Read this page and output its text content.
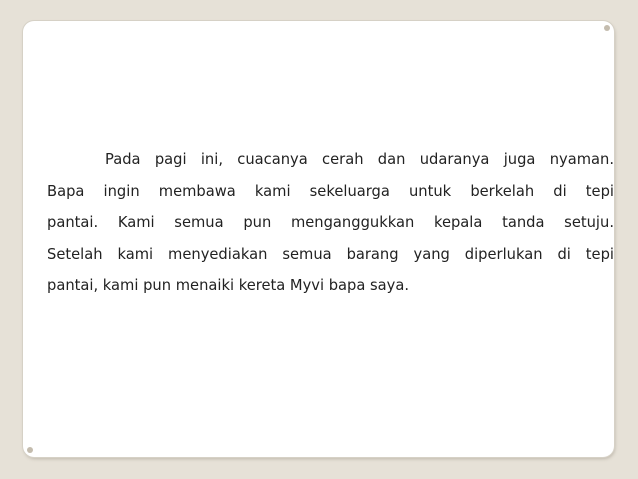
Pada pagi ini, cuacanya cerah dan udaranya juga nyaman.
Bapa ingin membawa kami sekeluarga untuk berkelah di tepi
pantai. Kami semua pun menganggukkan kepala tanda setuju.
Setelah kami menyediakan semua barang yang diperlukan di tepi
pantai, kami pun menaiki kereta Myvi bapa saya.
